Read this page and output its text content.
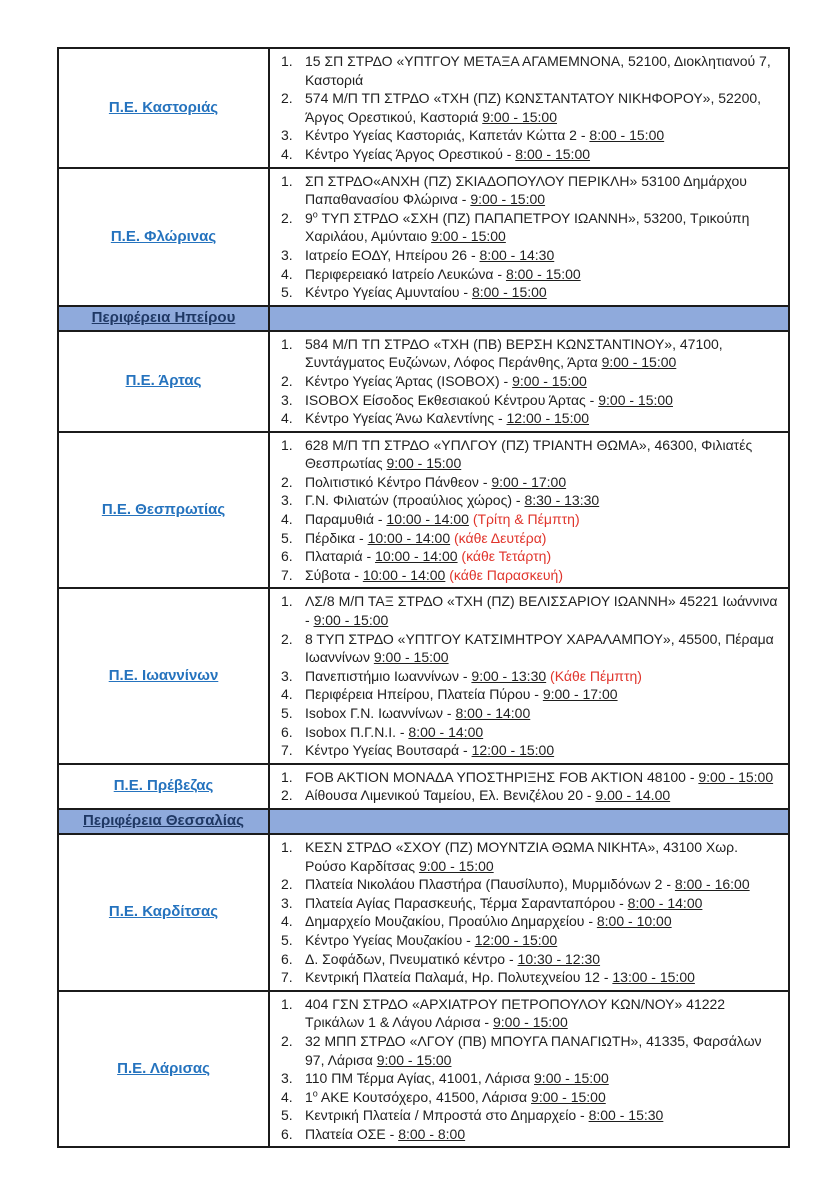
Π.Ε. Καστοριάς	
1. 15 ΣΠ ΣΤΡΔΟ «ΥΠΤΓΟΥ ΜΕΤΑΞΑ ΑΓΑΜΕΜΝΟΝΑ, 52100, Διοκλητιανού 7, Καστοριά
2. 574 Μ/Π ΤΠ ΣΤΡΔΟ «ΤΧΗ (ΠΖ) ΚΩΝΣΤΑΝΤΑΤΟΥ ΝΙΚΗΦΟΡΟΥ», 52200, Άργος Ορεστικού, Καστοριά 9:00 - 15:00
3. Κέντρο Υγείας Καστοριάς, Καπετάν Κώττα 2 - 8:00 - 15:00
4. Κέντρο Υγείας Άργος Ορεστικού - 8:00 - 15:00

Π.Ε. Φλώρινας	
1. ΣΠ ΣΤΡΔΟ«ΑΝΧΗ (ΠΖ) ΣΚΙΑΔΟΠΟΥΛΟΥ ΠΕΡΙΚΛΗ» 53100 Δημάρχου Παπαθανασίου Φλώρινα - 9:00 - 15:00
2. $9^o$ ΤΥΠ ΣΤΡΔΟ «ΣΧΗ (ΠΖ) ΠΑΠΑΠΕΤΡΟΥ ΙΩΑΝΝΗ», 53200, Τρικούπη Χαριλάου, Αμύνταιο 9:00 - 15:00
3. Ιατρείο ΕΟΔΥ, Ηπείρου 26 - 8:00 - 14:30
4. Περιφερειακό Ιατρείο Λευκώνα - 8:00 - 15:00
5. Κέντρο Υγείας Αμυνταίου - 8:00 - 15:00

Περιφέρεια Ηπείρου	
Π.Ε. Άρτας	
1. 584 Μ/Π ΤΠ ΣΤΡΔΟ «ΤΧΗ (ΠΒ) ΒΕΡΣΗ ΚΩΝΣΤΑΝΤΙΝΟΥ», 47100, Συντάγματος Ευζώνων, Λόφος Περάνθης, Άρτα 9:00 - 15:00
2. Κέντρο Υγείας Άρτας (ISOBOX) - 9:00 - 15:00
3. ISOBOX Είσοδος Εκθεσιακού Κέντρου Άρτας - 9:00 - 15:00
4. Κέντρο Υγείας Άνω Καλεντίνης - 12:00 - 15:00

Π.Ε. Θεσπρωτίας	
1. 628 Μ/Π ΤΠ ΣΤΡΔΟ «ΥΠΛΓΟΥ (ΠΖ) ΤΡΙΑΝΤΗ ΘΩΜΑ», 46300, Φιλιατές Θεσπρωτίας 9:00 - 15:00
2. Πολιτιστικό Κέντρο Πάνθεον - 9:00 - 17:00
3. Γ.Ν. Φιλιατών (προαύλιος χώρος) - 8:30 - 13:30
4. Παραμυθιά - 10:00 - 14:00 (Τρίτη & Πέμπτη)
5. Πέρδικα - 10:00 - 14:00 (κάθε Δευτέρα)
6. Πλαταριά - 10:00 - 14:00 (κάθε Τετάρτη)
7. Σύβοτα - 10:00 - 14:00 (κάθε Παρασκευή)

Π.Ε. Ιωαννίνων	
1. ΛΣ/8 Μ/Π ΤΑΞ ΣΤΡΔΟ «ΤΧΗ (ΠΖ) ΒΕΛΙΣΣΑΡΙΟΥ ΙΩΑΝΝΗ» 45221 Ιωάννινα - 9:00 - 15:00
2. 8 ΤΥΠ ΣΤΡΔΟ «ΥΠΤΓΟΥ ΚΑΤΣΙΜΗΤΡΟΥ ΧΑΡΑΛΑΜΠΟΥ», 45500, Πέραμα Ιωαννίνων 9:00 - 15:00
3. Πανεπιστήμιο Ιωαννίνων - 9:00 - 13:30 (Κάθε Πέμπτη)
4. Περιφέρεια Ηπείρου, Πλατεία Πύρου - 9:00 - 17:00
5. Isobox Γ.Ν. Ιωαννίνων - 8:00 - 14:00
6. Isobox Π.Γ.Ν.Ι. - 8:00 - 14:00
7. Κέντρο Υγείας Βουτσαρά - 12:00 - 15:00

Π.Ε. Πρέβεζας	1. FOB AKTION ΜΟΝΑΔΑ ΥΠΟΣΤΗΡΙΞΗΣ FOB AKTION 48100 - 9:00 - 15:00
2. Αίθουσα Λιμενικού Ταμείου, Ελ. Βενιζέλου 20 - 9.00 - 14.00

Περιφέρεια Θεσσαλίας	
Π.Ε. Καρδίτσας	
1. ΚΕΣΝ ΣΤΡΔΟ «ΣΧΟΥ (ΠΖ) ΜΟΥΝΤΖΙΑ ΘΩΜΑ ΝΙΚΗΤΑ», 43100 Χωρ. Ρούσο Καρδίτσας 9:00 - 15:00
2. Πλατεία Νικολάου Πλαστήρα (Παυσίλυπο), Μυρμιδόνων 2 - 8:00 - 16:00
3. Πλατεία Αγίας Παρασκευής, Τέρμα Σαρανταπόρου - 8:00 - 14:00
4. Δημαρχείο Μουζακίου, Προαύλιο Δημαρχείου - 8:00 - 10:00
5. Κέντρο Υγείας Μουζακίου - 12:00 - 15:00
6. Δ. Σοφάδων, Πνευματικό κέντρο - 10:30 - 12:30
7. Κεντρική Πλατεία Παλαμά, Ηρ. Πολυτεχνείου 12 - 13:00 - 15:00

Π.Ε. Λάρισας	
1. 404 ΓΣΝ ΣΤΡΔΟ «ΑΡΧΙΑΤΡΟΥ ΠΕΤΡΟΠΟΥΛΟΥ ΚΩΝ/ΝΟΥ» 41222 Τρικάλων 1 & Λάγου Λάρισα - 9:00 - 15:00
2. 32 ΜΠΠ ΣΤΡΔΟ «ΛΓΟΥ (ΠΒ) ΜΠΟΥΓΑ ΠΑΝΑΓΙΩΤΗ», 41335, Φαρσάλων 97, Λάρισα 9:00 - 15:00
3. 110 ΠΜ Τέρμα Αγίας, 41001, Λάρισα 9:00 - 15:00
4. $1^o$ ΑΚΕ Κουτσόχερο, 41500, Λάρισα 9:00 - 15:00
5. Κεντρική Πλατεία / Μπροστά στο Δημαρχείο - 8:00 - 15:30
6. Πλατεία ΟΣΕ - 8:00 - 8:00
